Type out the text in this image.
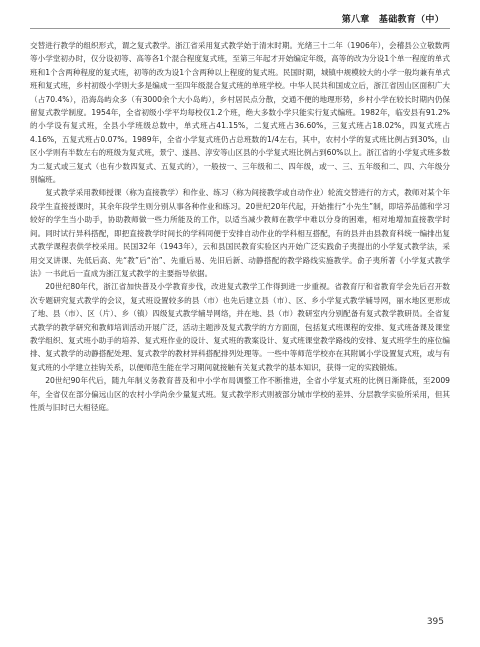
第八章　基础教育（中）

交替进行教学的组织形式，谓之复式教学。浙江省采用复式教学始于清末时期。光绪三十二年（1906年），会稽县公立敬数两等小学堂初办时，仅分设初等、高等各1个混合程度复式班，至第三年起才开始编定年级，高等的改为分设1个单一程度的单式班和1个含两种程度的复式班，初等的改为设1个含两种以上程度的复式班。民国时期，城镇中规模较大的小学一般均兼有单式班和复式班，乡村初级小学则大多是编成一至四年级混合复式班的单班学校。中华人民共和国成立后，浙江省因山区面积广大（占70.4%），沿海岛屿众多（有3000余个大小岛屿），乡村居民点分散，交通不便的地理形势，乡村小学在较长时期内仍保留复式教学制度。1954年，全省初级小学平均每校仅1.2个班，绝大多数小学只能实行复式编班。1982年，临安县有91.2%的小学设有复式班，全县小学班级总数中，单式班占41.15%，二复式班占36.60%，三复式班占18.02%，四复式班占4.16%，五复式班占0.07%。1989年，全省小学复式班仍占总班数的1/4左右，其中，农村小学的复式班比例占到30%，山区小学则有半数左右的班级为复式班，景宁、遂昌、淳安等山区县的小学复式班比例占到60%以上。浙江省的小学复式班多数为二复式或三复式（也有少数四复式、五复式的），一般按一、三年级和二、四年级，或一、三、五年级和二、四、六年级分别编班。

复式教学采用教师授课（称为直接教学）和作业、练习（称为间接教学或自动作业）轮流交替进行的方式，教师对某个年段学生直接授课时，其余年段学生则分别从事各种作业和练习。20世纪20年代起，开始推行“小先生”制，即培养品德和学习较好的学生当小助手，协助教师做一些力所能及的工作，以适当减少教师在教学中难以分身的困难，相对地增加直接教学时间。同时试行异科搭配，即把直接教学时间长的学科同便于安排自动作业的学科相互搭配，有的县并由县教育科统一编排出复式教学课程表供学校采用。民国32年（1943年），云和县国民教育实验区内开始广泛实践俞子夷提出的小学复式教学法，采用交叉讲课、先低后高、先“教”后“治”、先重后易、先旧后新、动静搭配的教学路线实施教学。俞子夷所著《小学复式教学法》一书此后一直成为浙江复式教学的主要指导依据。

20世纪80年代，浙江省加快普及小学教育步伐，改进复式教学工作得到进一步重视。省教育厅和省教育学会先后召开数次专题研究复式教学的会议，复式班设置较多的县（市）也先后建立县（市）、区、乡小学复式教学辅导网，丽水地区更形成了地、县（市）、区（片）、乡（镇）四级复式教学辅导网络，并在地、县（市）教研室内分别配备有复式教学教研员。全省复式教学的教学研究和教师培训活动开展广泛，活动主题涉及复式教学的方方面面，包括复式班课程的安排、复式班备课及课堂教学组织、复式班小助手的培养、复式班作业的设计、复式班的教案设计、复式班课堂教学路线的安排、复式班学生的座位编排、复式教学的动静搭配处理、复式教学的教材异科搭配排列处理等。一些中等师范学校亦在其附属小学设置复式班，或与有复式班的小学建立挂钩关系，以便师范生能在学习期间就接触有关复式教学的基本知识，获得一定的实践锻炼。

20世纪90年代后，随九年制义务教育普及和中小学布局调整工作不断推进，全省小学复式班的比例日渐降低，至2009年，全省仅在部分偏远山区的农村小学尚余少量复式班。复式教学形式则被部分城市学校的差异、分层教学实验所采用，但其性质与旧时已大相径庭。

395
